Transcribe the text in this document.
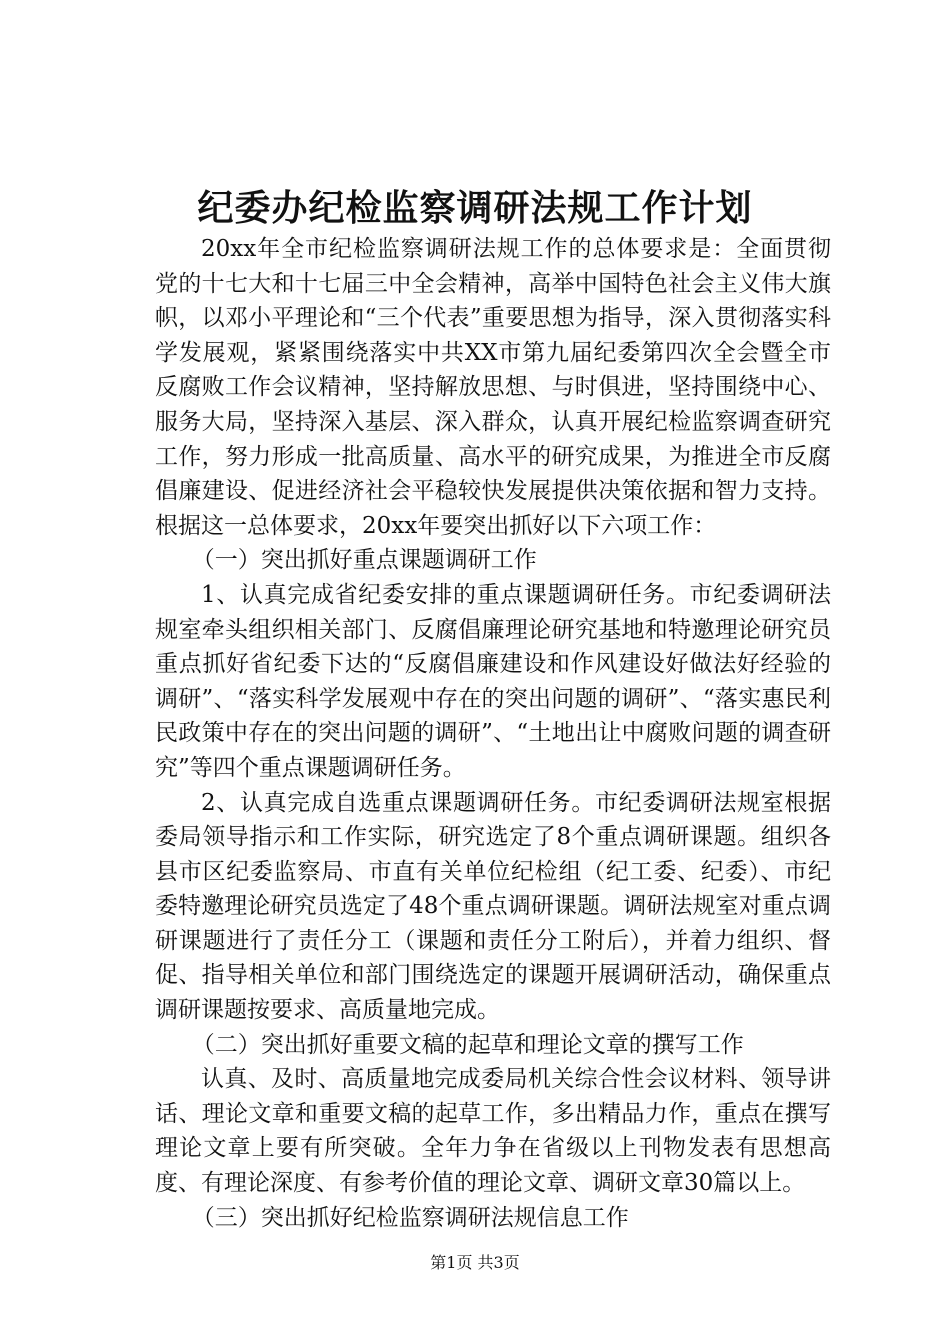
纪委办纪检监察调研法规工作计划

20xx年全市纪检监察调研法规工作的总体要求是：全面贯彻党的十七大和十七届三中全会精神，高举中国特色社会主义伟大旗帜，以邓小平理论和“三个代表”重要思想为指导，深入贯彻落实科学发展观，紧紧围绕落实中共XX市第九届纪委第四次全会暨全市反腐败工作会议精神，坚持解放思想、与时俱进，坚持围绕中心、服务大局，坚持深入基层、深入群众，认真开展纪检监察调查研究工作，努力形成一批高质量、高水平的研究成果，为推进全市反腐倡廉建设、促进经济社会平稳较快发展提供决策依据和智力支持。根据这一总体要求，20xx年要突出抓好以下六项工作：

（一）突出抓好重点课题调研工作

1、认真完成省纪委安排的重点课题调研任务。市纪委调研法规室牵头组织相关部门、反腐倡廉理论研究基地和特邀理论研究员重点抓好省纪委下达的“反腐倡廉建设和作风建设好做法好经验的调研”、“落实科学发展观中存在的突出问题的调研”、“落实惠民利民政策中存在的突出问题的调研”、“土地出让中腐败问题的调查研究”等四个重点课题调研任务。

2、认真完成自选重点课题调研任务。市纪委调研法规室根据委局领导指示和工作实际，研究选定了8个重点调研课题。组织各县市区纪委监察局、市直有关单位纪检组（纪工委、纪委）、市纪委特邀理论研究员选定了48个重点调研课题。调研法规室对重点调研课题进行了责任分工（课题和责任分工附后），并着力组织、督促、指导相关单位和部门围绕选定的课题开展调研活动，确保重点调研课题按要求、高质量地完成。

（二）突出抓好重要文稿的起草和理论文章的撰写工作

认真、及时、高质量地完成委局机关综合性会议材料、领导讲话、理论文章和重要文稿的起草工作，多出精品力作，重点在撰写理论文章上要有所突破。全年力争在省级以上刊物发表有思想高度、有理论深度、有参考价值的理论文章、调研文章30篇以上。

（三）突出抓好纪检监察调研法规信息工作

第1页 共3页
